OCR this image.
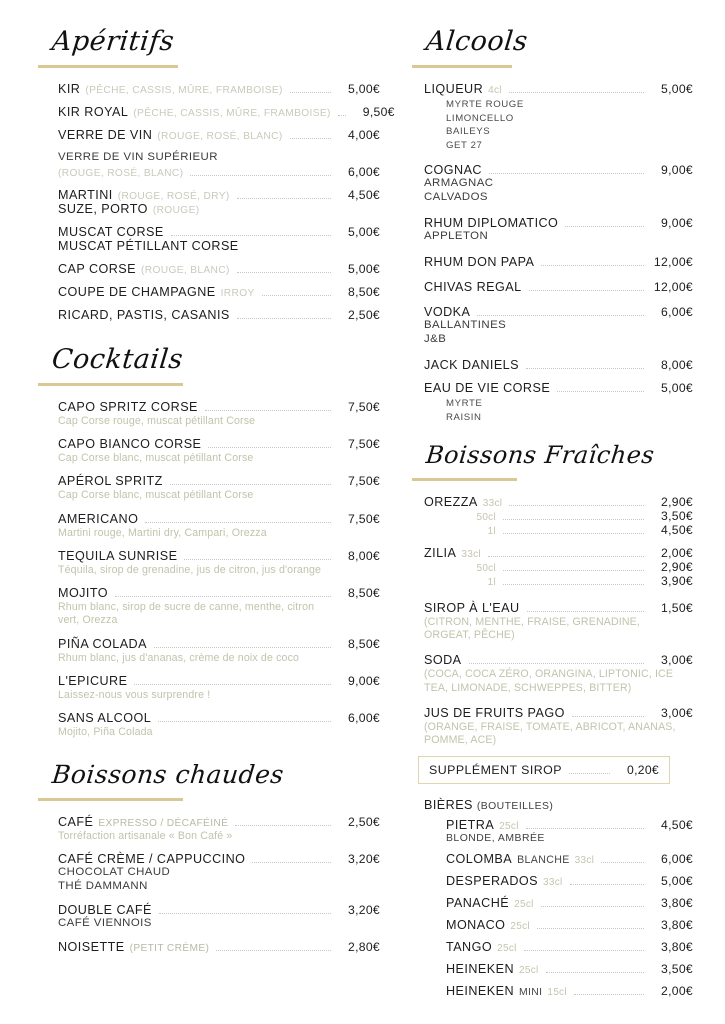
Apéritifs
KIR (PÊCHE, CASSIS, MÛRE, FRAMBOISE)	5,00€
KIR ROYAL (PÊCHE, CASSIS, MÛRE, FRAMBOISE)	9,50€
VERRE DE VIN (ROUGE, ROSÉ, BLANC)	4,00€
VERRE DE VIN SUPÉRIEUR
(ROUGE, ROSÉ, BLANC)	6,00€
MARTINI (ROUGE, ROSÉ, DRY)	4,50€
SUZE, PORTO (ROUGE)
MUSCAT CORSE	5,00€
MUSCAT PÉTILLANT CORSE
CAP CORSE (ROUGE, BLANC)	5,00€
COUPE DE CHAMPAGNE IRROY	8,50€
RICARD, PASTIS, CASANIS	2,50€
Cocktails
CAPO SPRITZ CORSE	7,50€
Cap Corse rouge, muscat pétillant Corse
CAPO BIANCO CORSE	7,50€
Cap Corse blanc, muscat pétillant Corse
APÉROL SPRITZ	7,50€
Cap Corse blanc, muscat pétillant Corse
AMERICANO	7,50€
Martini rouge, Martini dry, Campari, Orezza
TEQUILA SUNRISE	8,00€
Téquila, sirop de grenadine, jus de citron, jus d'orange
MOJITO	8,50€
Rhum blanc, sirop de sucre de canne, menthe, citron vert, Orezza
PIÑA COLADA	8,50€
Rhum blanc, jus d'ananas, crème de noix de coco
L'EPICURE	9,00€
Laissez-nous vous surprendre !
SANS ALCOOL	6,00€
Mojito, Piña Colada
Boissons chaudes
CAFÉ EXPRESSO / DÉCAFÉINÉ	2,50€
Torréfaction artisanale « Bon Café »
CAFÉ CRÈME / CAPPUCCINO	3,20€
CHOCOLAT CHAUD
THÉ DAMMANN
DOUBLE CAFÉ	3,20€
CAFÉ VIENNOIS
NOISETTE (PETIT CRÈME)	2,80€
Alcools
LIQUEUR 4cl	5,00€
MYRTE ROUGE
LIMONCELLO
BAILEYS
GET 27
COGNAC	9,00€
ARMAGNAC
CALVADOS
RHUM DIPLOMATICO	9,00€
APPLETON
RHUM DON PAPA	12,00€
CHIVAS REGAL	12,00€
VODKA	6,00€
BALLANTINES
J&B
JACK DANIELS	8,00€
EAU DE VIE CORSE	5,00€
MYRTE
RAISIN
Boissons Fraîches
OREZZA 33cl	2,90€
50cl	3,50€
1l	4,50€
ZILIA 33cl	2,00€
50cl	2,90€
1l	3,90€
SIROP À L'EAU	1,50€
(CITRON, MENTHE, FRAISE, GRENADINE, ORGEAT, PÊCHE)
SODA	3,00€
(COCA, COCA ZÉRO, ORANGINA, LIPTONIC, ICE TEA, LIMONADE, SCHWEPPES, BITTER)
JUS DE FRUITS PAGO	3,00€
(ORANGE, FRAISE, TOMATE, ABRICOT, ANANAS, POMME, ACE)
SUPPLÉMENT SIROP	0,20€
BIÈRES (BOUTEILLES)
PIETRA 25cl	4,50€
BLONDE, AMBRÉE
COLOMBA BLANCHE 33cl	6,00€
DESPERADOS 33cl	5,00€
PANACHÉ 25cl	3,80€
MONACO 25cl	3,80€
TANGO 25cl	3,80€
HEINEKEN 25cl	3,50€
HEINEKEN MINI 15cl	2,00€
